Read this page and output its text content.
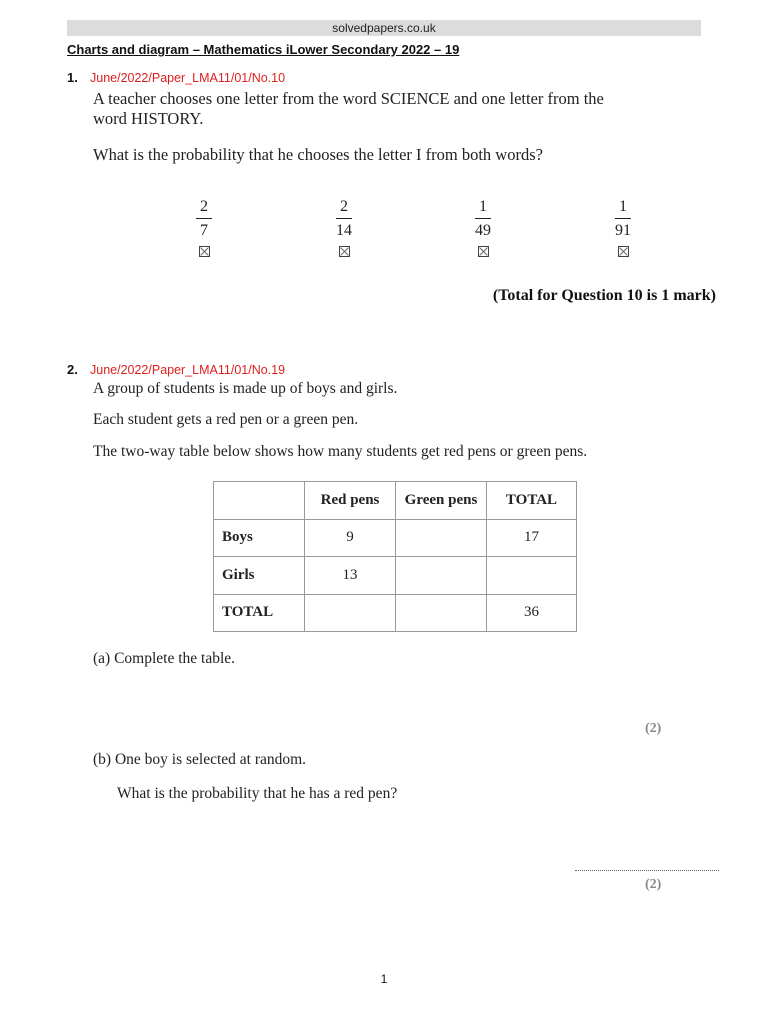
solvedpapers.co.uk
Charts and diagram – Mathematics iLower Secondary 2022 – 19
1. June/2022/Paper_LMA11/01/No.10
A teacher chooses one letter from the word SCIENCE and one letter from the
word HISTORY.
What is the probability that he chooses the letter I from both words?
2
7
2
14
1
49
1
91
(Total for Question 10 is 1 mark)
2. June/2022/Paper_LMA11/01/No.19
A group of students is made up of boys and girls.
Each student gets a red pen or a green pen.
The two-way table below shows how many students get red pens or green pens.
	Red pens	Green pens	TOTAL
Boys	9		17
Girls	13		
TOTAL			36
(a) Complete the table.
(2)
(b) One boy is selected at random.
What is the probability that he has a red pen?
(2)
1
